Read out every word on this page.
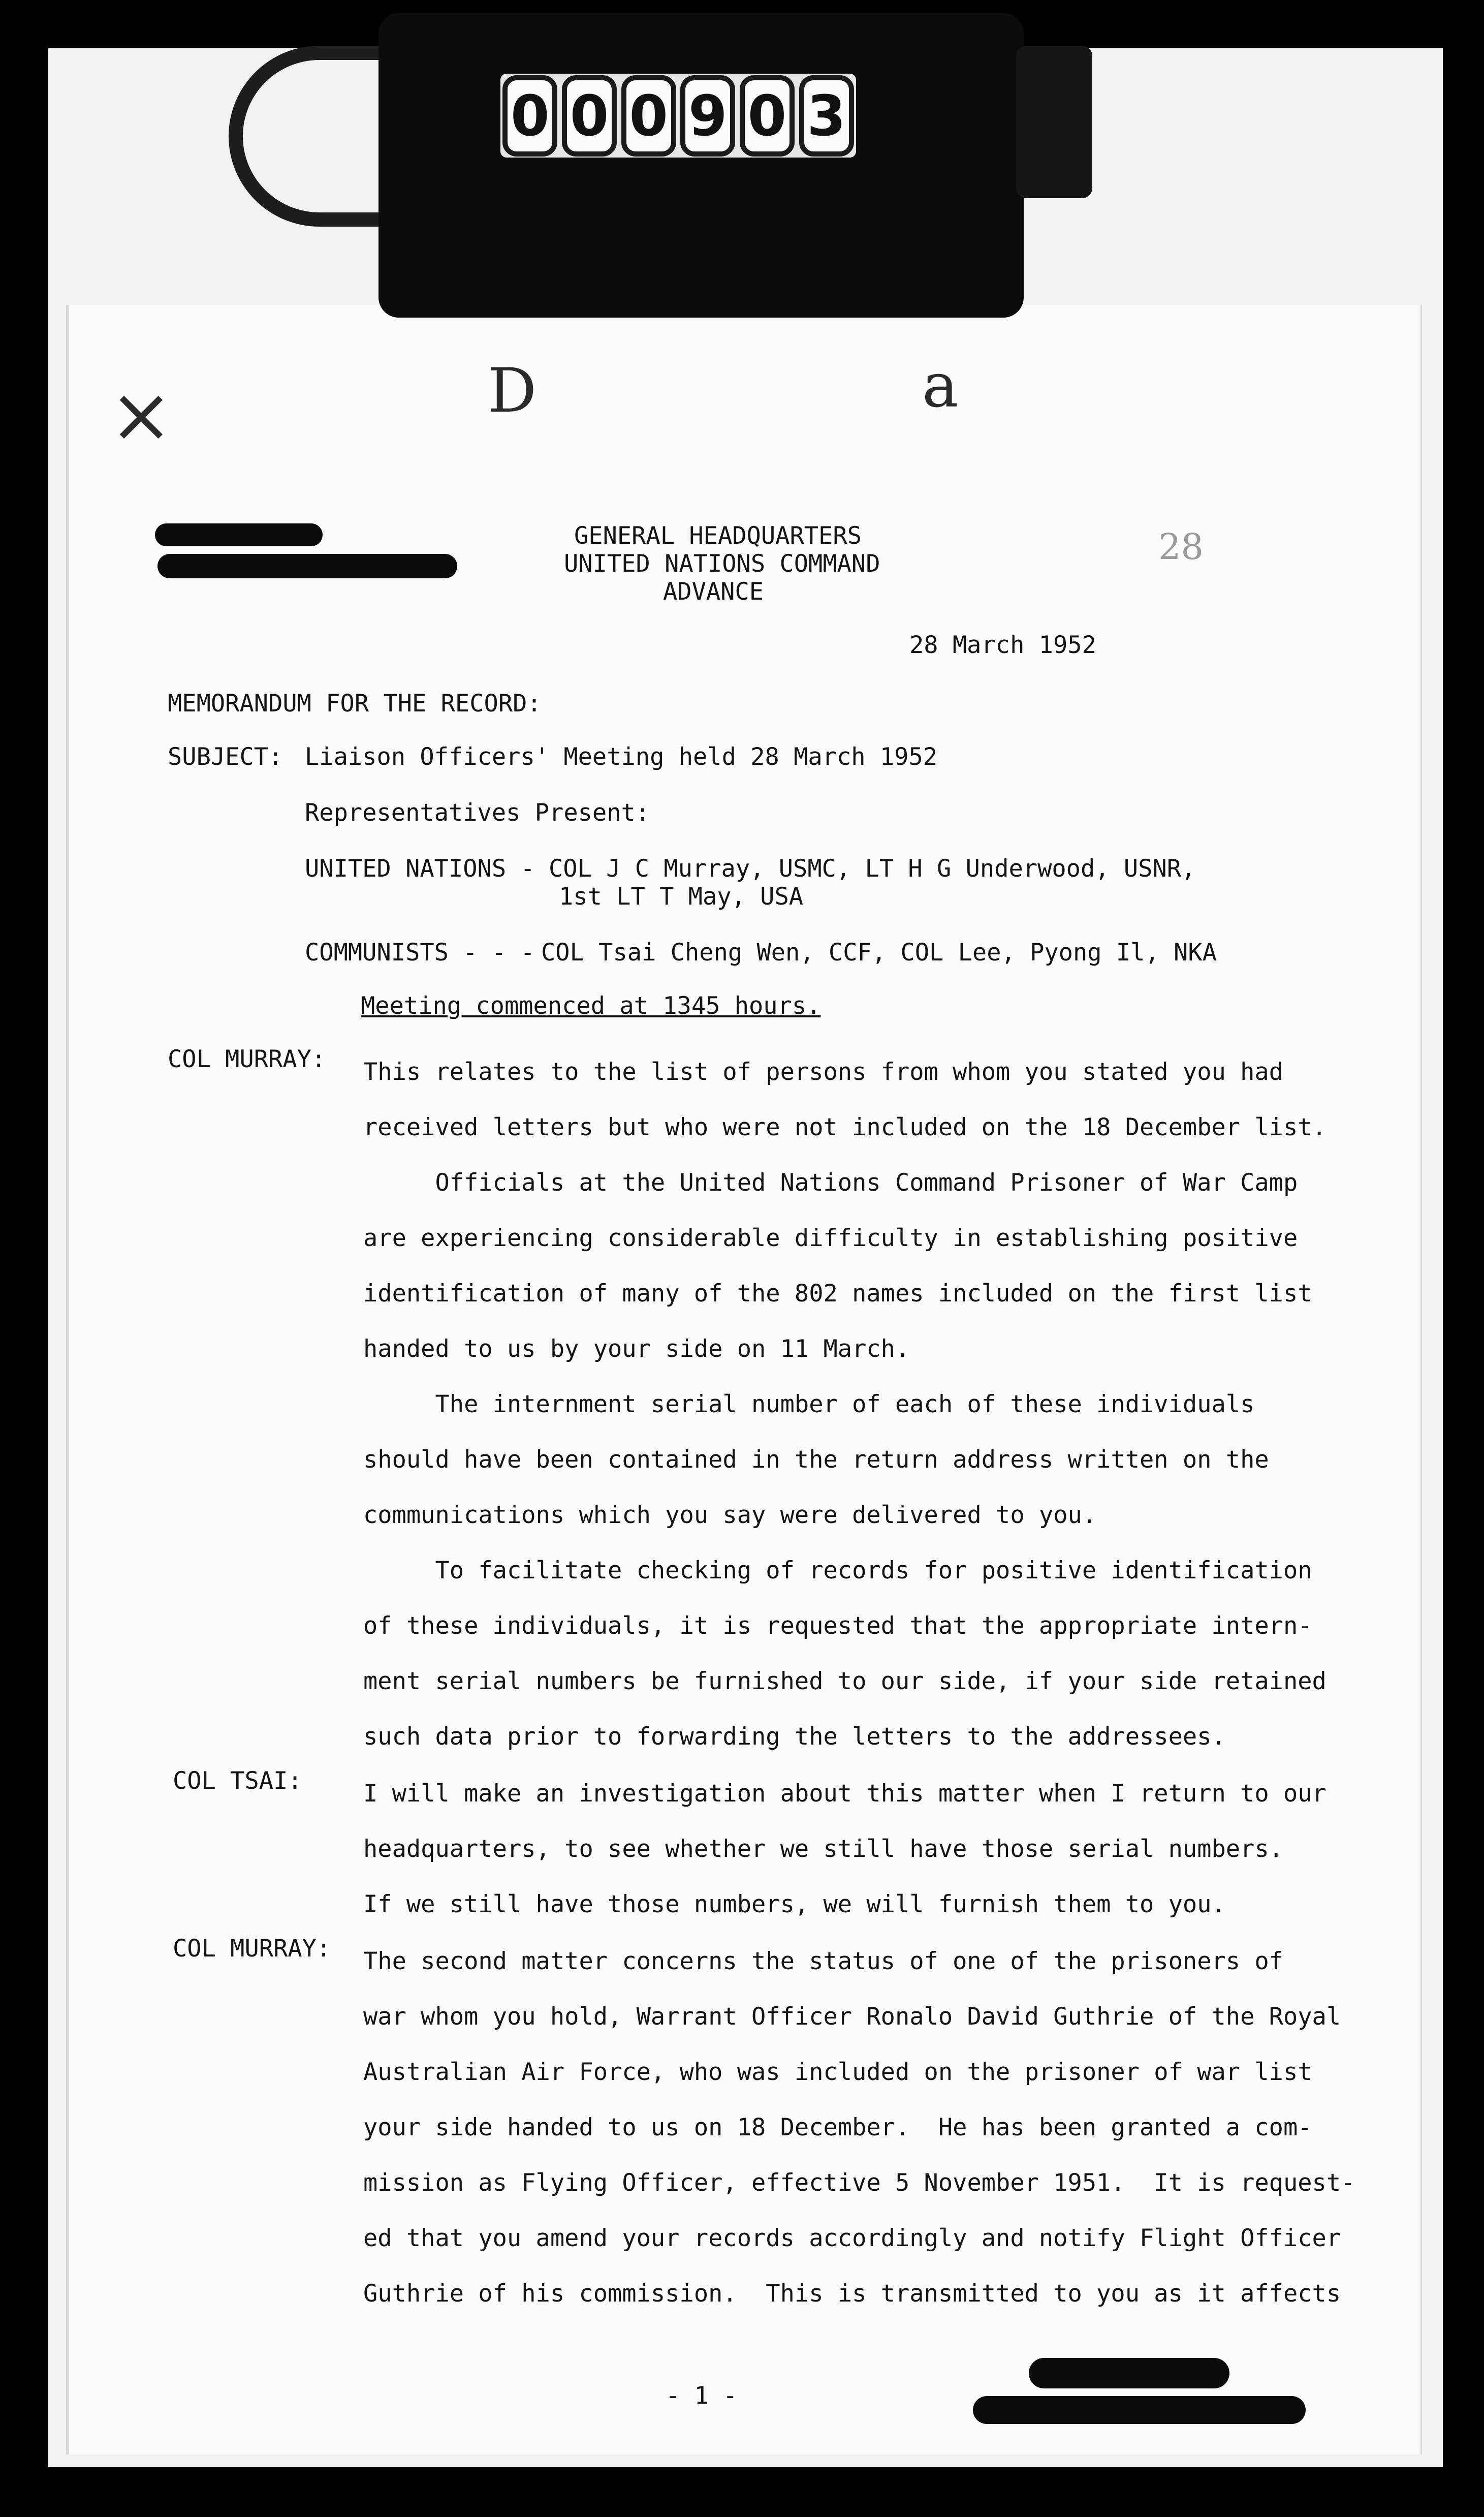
0 0 0 9 0 3
×	D	a
28
GENERAL HEADQUARTERS
UNITED NATIONS COMMAND
ADVANCE
28 March 1952
MEMORANDUM FOR THE RECORD:
SUBJECT: Liaison Officers' Meeting held 28 March 1952
Representatives Present:
UNITED NATIONS - COL J C Murray, USMC, LT H G Underwood, USNR,
1st LT T May, USA
COMMUNISTS - - - COL Tsai Cheng Wen, CCF, COL Lee, Pyong Il, NKA
Meeting commenced at 1345 hours.
COL MURRAY: This relates to the list of persons from whom you stated you had
received letters but who were not included on the 18 December list.
Officials at the United Nations Command Prisoner of War Camp
are experiencing considerable difficulty in establishing positive
identification of many of the 802 names included on the first list
handed to us by your side on 11 March.
The internment serial number of each of these individuals
should have been contained in the return address written on the
communications which you say were delivered to you.
To facilitate checking of records for positive identification
of these individuals, it is requested that the appropriate intern-
ment serial numbers be furnished to our side, if your side retained
such data prior to forwarding the letters to the addressees.
COL TSAI:	I will make an investigation about this matter when I return to our
headquarters, to see whether we still have those serial numbers.
If we still have those numbers, we will furnish them to you.
COL MURRAY: The second matter concerns the status of one of the prisoners of
war whom you hold, Warrant Officer Ronalo David Guthrie of the Royal
Australian Air Force, who was included on the prisoner of war list
your side handed to us on 18 December.  He has been granted a com-
mission as Flying Officer, effective 5 November 1951.  It is request-
ed that you amend your records accordingly and notify Flight Officer
Guthrie of his commission.  This is transmitted to you as it affects
- 1 -
